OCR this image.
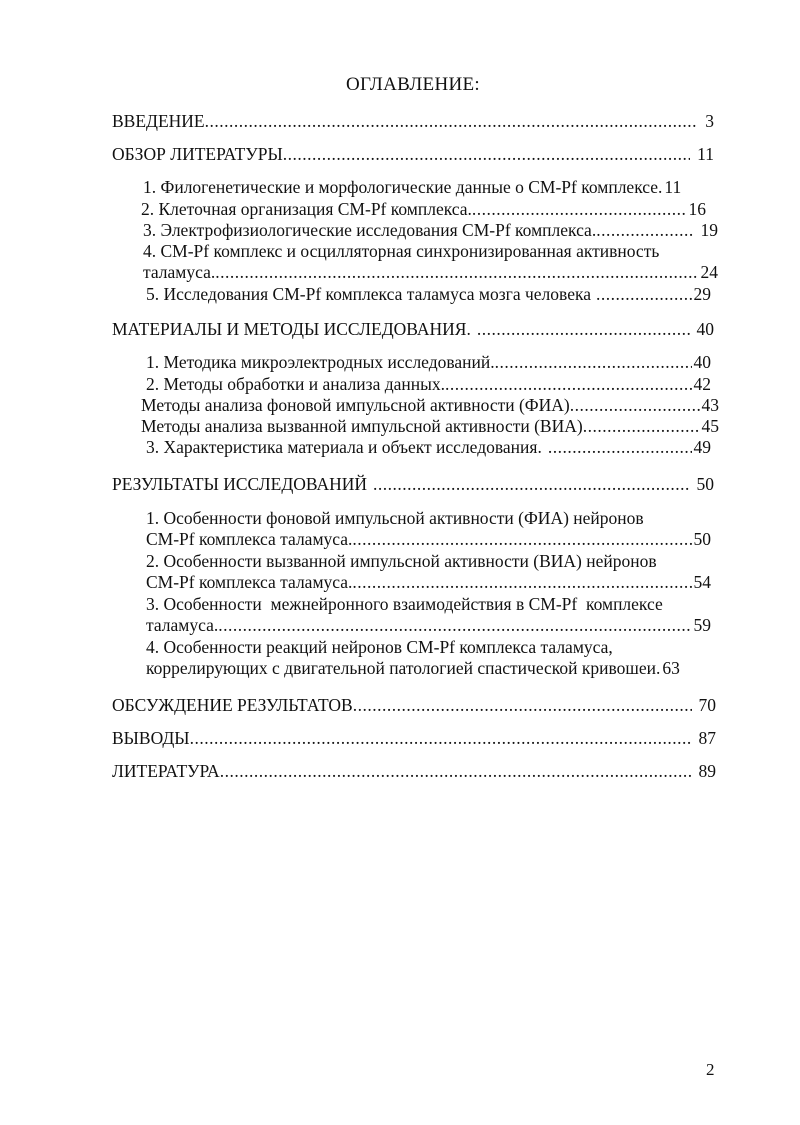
ОГЛАВЛЕНИЕ:
ВВЕДЕНИЕ .....	3
ОБЗОР ЛИТЕРАТУРЫ .....	11
1. Филогенетические и морфологические данные о СМ-Pf комплексе. 11
2. Клеточная организация СМ-Pf комплекса. .....	16
3. Электрофизиологические исследования СМ-Pf комплекса. .....	19
4. СМ-Pf комплекс и осцилляторная синхронизированная активность
таламуса. .....	24
5. Исследования СМ-Pf комплекса таламуса мозга человека .....	29
МАТЕРИАЛЫ И МЕТОДЫ ИССЛЕДОВАНИЯ. .....	40
1. Методика микроэлектродных исследований. .....	40
2. Методы обработки и анализа данных. .....	42
Методы анализа фоновой импульсной активности (ФИА) .....	43
Методы анализа вызванной импульсной активности (ВИА) .....	45
3. Характеристика материала и объект исследования. .....	49
РЕЗУЛЬТАТЫ ИССЛЕДОВАНИЙ .....	50
1. Особенности фоновой импульсной активности (ФИА) нейронов
СМ-Pf комплекса таламуса. .....	50
2. Особенности вызванной импульсной активности (ВИА) нейронов
СМ-Pf комплекса таламуса. .....	54
3. Особенности  межнейронного взаимодействия в СМ-Pf  комплексе
таламуса. .....	59
4. Особенности реакций нейронов СМ-Pf комплекса таламуса,
коррелирующих с двигательной патологией спастической кривошеи. 63
ОБСУЖДЕНИЕ РЕЗУЛЬТАТОВ .....	70
ВЫВОДЫ .....	87
ЛИТЕРАТУРА .....	89
2
